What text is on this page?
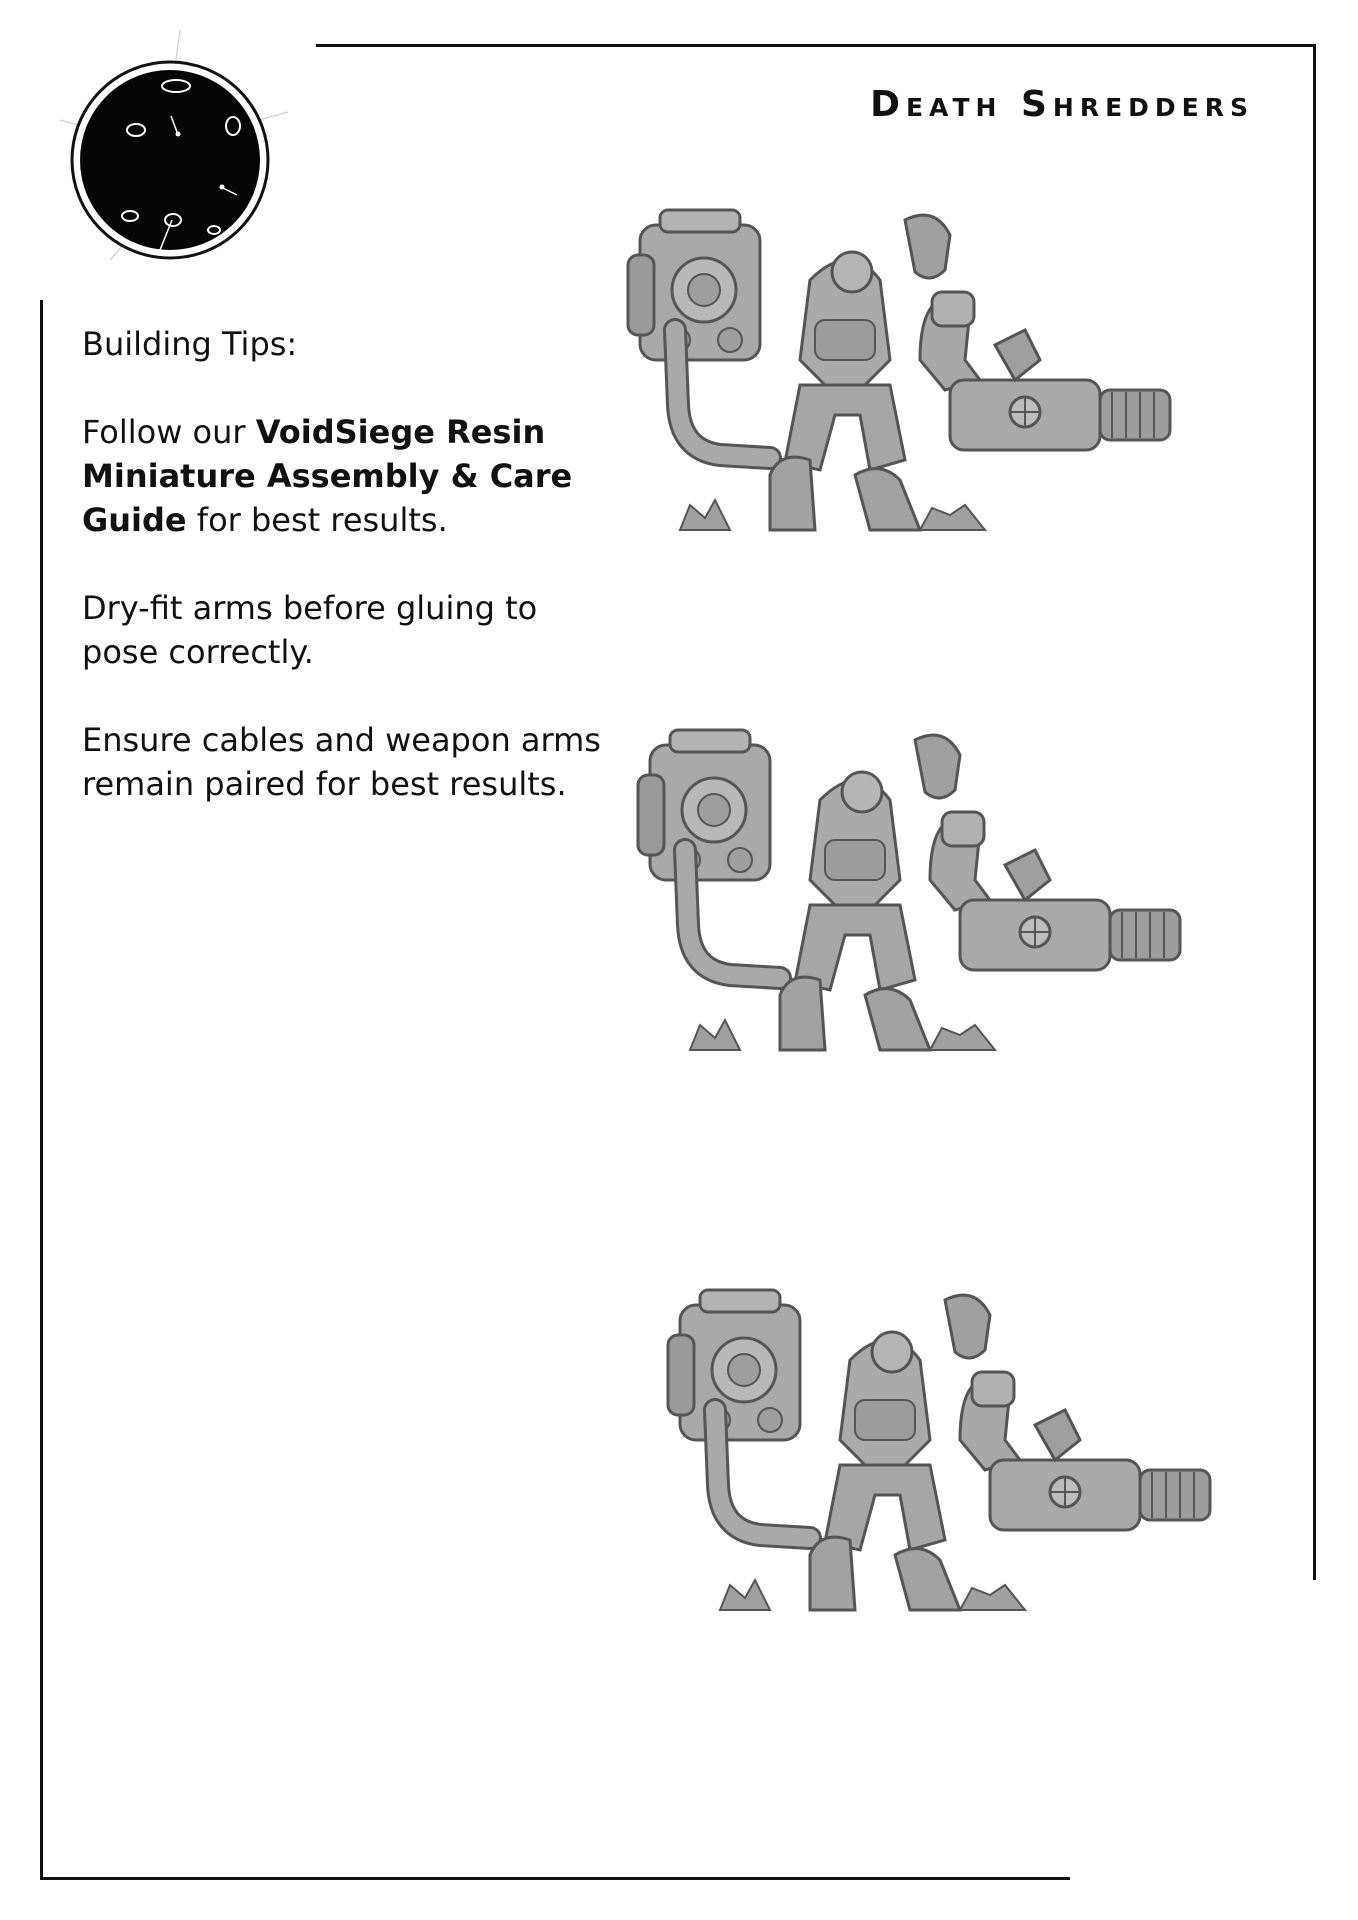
Death Shredders

Building Tips:

Follow our VoidSiege Resin Miniature Assembly & Care Guide for best results.

Dry-fit arms before gluing to pose correctly.

Ensure cables and weapon arms remain paired for best results.
